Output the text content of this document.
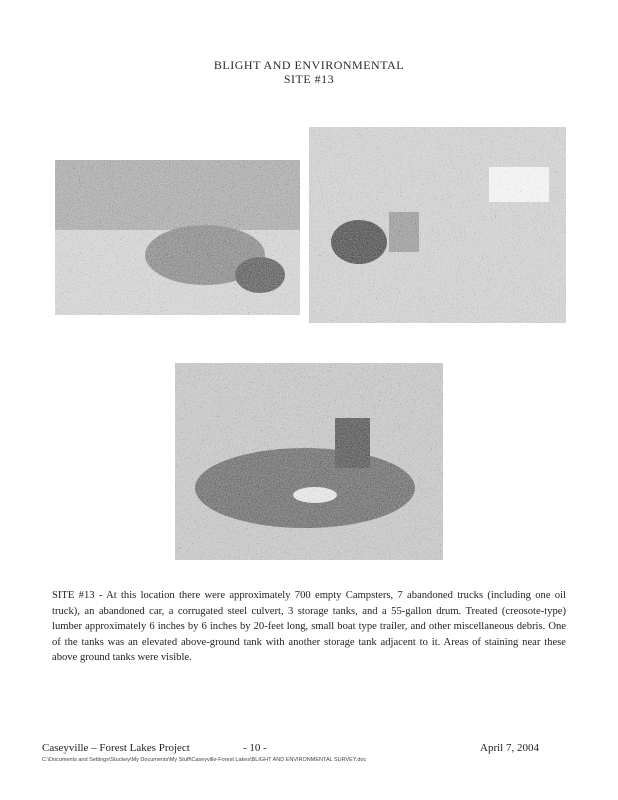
BLIGHT AND ENVIRONMENTAL
SITE #13
SITE #13 - At this location there were approximately 700 empty Campsters, 7 abandoned trucks (including one oil truck), an abandoned car, a corrugated steel culvert, 3 storage tanks, and a 55-gallon drum. Treated (creosote-type) lumber approximately 6 inches by 6 inches by 20-feet long, small boat type trailer, and other miscellaneous debris. One of the tanks was an elevated above-ground tank with another storage tank adjacent to it. Areas of staining near these above ground tanks were visible.
Caseyville – Forest Lakes Project	- 10 -	April 7, 2004
C:\Documents and Settings\Stuckey\My Documents\My Stuff\Caseyville-Forest Lakes\BLIGHT AND ENVIRONMENTAL SURVEY.doc
